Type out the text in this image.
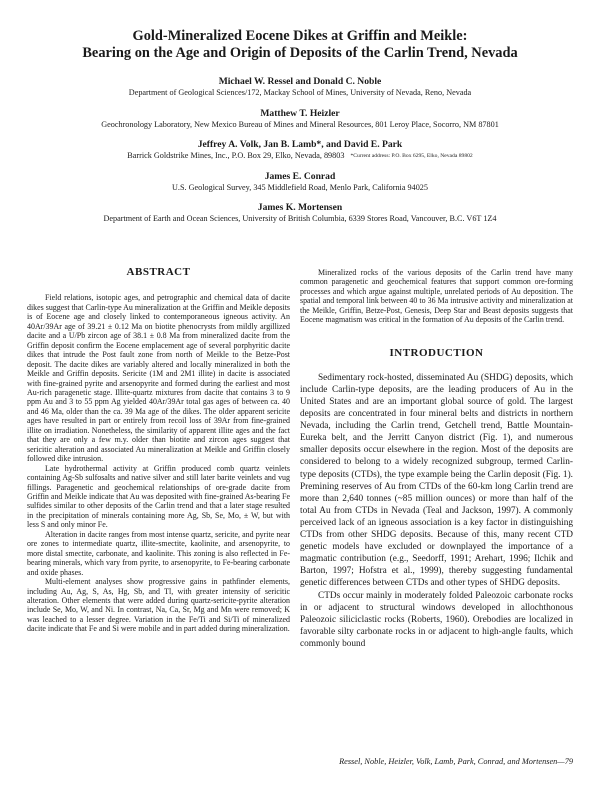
Gold-Mineralized Eocene Dikes at Griffin and Meikle:
Bearing on the Age and Origin of Deposits of the Carlin Trend, Nevada
Michael W. Ressel and Donald C. Noble
Department of Geological Sciences/172, Mackay School of Mines, University of Nevada, Reno, Nevada
Matthew T. Heizler
Geochronology Laboratory, New Mexico Bureau of Mines and Mineral Resources, 801 Leroy Place, Socorro, NM 87801
Jeffrey A. Volk, Jan B. Lamb*, and David E. Park
Barrick Goldstrike Mines, Inc., P.O. Box 29, Elko, Nevada, 89803 *Current address: P.O. Box 6295, Elko, Nevada 89802
James E. Conrad
U.S. Geological Survey, 345 Middlefield Road, Menlo Park, California 94025
James K. Mortensen
Department of Earth and Ocean Sciences, University of British Columbia, 6339 Stores Road, Vancouver, B.C. V6T 1Z4
ABSTRACT

Field relations, isotopic ages, and petrographic and chemical data of dacite dikes suggest that Carlin-type Au mineralization at the Griffin and Meikle deposits is of Eocene age and closely linked to contemporaneous igneous activity. An 40Ar/39Ar age of 39.21 ± 0.12 Ma on biotite phenocrysts from mildly argillized dacite and a U/Pb zircon age of 38.1 ± 0.8 Ma from mineralized dacite from the Griffin deposit confirm the Eocene emplacement age of several porphyritic dacite dikes that intrude the Post fault zone from north of Meikle to the Betze-Post deposit. The dacite dikes are variably altered and locally mineralized in both the Meikle and Griffin deposits. Sericite (1M and 2M1 illite) in dacite is associated with fine-grained pyrite and arsenopyrite and formed during the earliest and most Au-rich paragenetic stage. Illite-quartz mixtures from dacite that contains 3 to 9 ppm Au and 3 to 55 ppm Ag yielded 40Ar/39Ar total gas ages of between ca. 40 and 46 Ma, older than the ca. 39 Ma age of the dikes. The older apparent sericite ages have resulted in part or entirely from recoil loss of 39Ar from fine-grained illite on irradiation. Nonetheless, the similarity of apparent illite ages and the fact that they are only a few m.y. older than biotite and zircon ages suggest that sericitic alteration and associated Au mineralization at Meikle and Griffin closely followed dike intrusion.

Late hydrothermal activity at Griffin produced comb quartz veinlets containing Ag-Sb sulfosalts and native silver and still later barite veinlets and vug fillings. Paragenetic and geochemical relationships of ore-grade dacite from Griffin and Meikle indicate that Au was deposited with fine-grained As-bearing Fe sulfides similar to other deposits of the Carlin trend and that a later stage resulted in the precipitation of minerals containing more Ag, Sb, Se, Mo, ± W, but with less S and only minor Fe.

Alteration in dacite ranges from most intense quartz, sericite, and pyrite near ore zones to intermediate quartz, illite-smectite, kaolinite, and arsenopyrite, to more distal smectite, carbonate, and kaolinite. This zoning is also reflected in Fe-bearing minerals, which vary from pyrite, to arsenopyrite, to Fe-bearing carbonate and oxide phases.

Multi-element analyses show progressive gains in pathfinder elements, including Au, Ag, S, As, Hg, Sb, and Tl, with greater intensity of sericitic alteration. Other elements that were added during quartz-sericite-pyrite alteration include Se, Mo, W, and Ni. In contrast, Na, Ca, Sr, Mg and Mn were removed; K was leached to a lesser degree. Variation in the Fe/Ti and Si/Ti of mineralized dacite indicate that Fe and Si were mobile and in part added during mineralization.

Mineralized rocks of the various deposits of the Carlin trend have many common paragenetic and geochemical features that support common ore-forming processes and which argue against multiple, unrelated periods of Au deposition. The spatial and temporal link between 40 to 36 Ma intrusive activity and mineralization at the Meikle, Griffin, Betze-Post, Genesis, Deep Star and Beast deposits suggests that Eocene magmatism was critical in the formation of Au deposits of the Carlin trend.

INTRODUCTION

Sedimentary rock-hosted, disseminated Au (SHDG) deposits, which include Carlin-type deposits, are the leading producers of Au in the United States and are an important global source of gold. The largest deposits are concentrated in four mineral belts and districts in northern Nevada, including the Carlin trend, Getchell trend, Battle Mountain-Eureka belt, and the Jerritt Canyon district (Fig. 1), and numerous smaller deposits occur elsewhere in the region. Most of the deposits are considered to belong to a widely recognized subgroup, termed Carlin-type deposits (CTDs), the type example being the Carlin deposit (Fig. 1). Premining reserves of Au from CTDs of the 60-km long Carlin trend are more than 2,640 tonnes (~85 million ounces) or more than half of the total Au from CTDs in Nevada (Teal and Jackson, 1997). A commonly perceived lack of an igneous association is a key factor in distinguishing CTDs from other SHDG deposits. Because of this, many recent CTD genetic models have excluded or downplayed the importance of a magmatic contribution (e.g., Seedorff, 1991; Arehart, 1996; Ilchik and Barton, 1997; Hofstra et al., 1999), thereby suggesting fundamental genetic differences between CTDs and other types of SHDG deposits.

CTDs occur mainly in moderately folded Paleozoic carbonate rocks in or adjacent to structural windows developed in allochthonous Paleozoic siliciclastic rocks (Roberts, 1960). Orebodies are localized in favorable silty carbonate rocks in or adjacent to high-angle faults, which commonly bound

Ressel, Noble, Heizler, Volk, Lamb, Park, Conrad, and Mortensen—79
